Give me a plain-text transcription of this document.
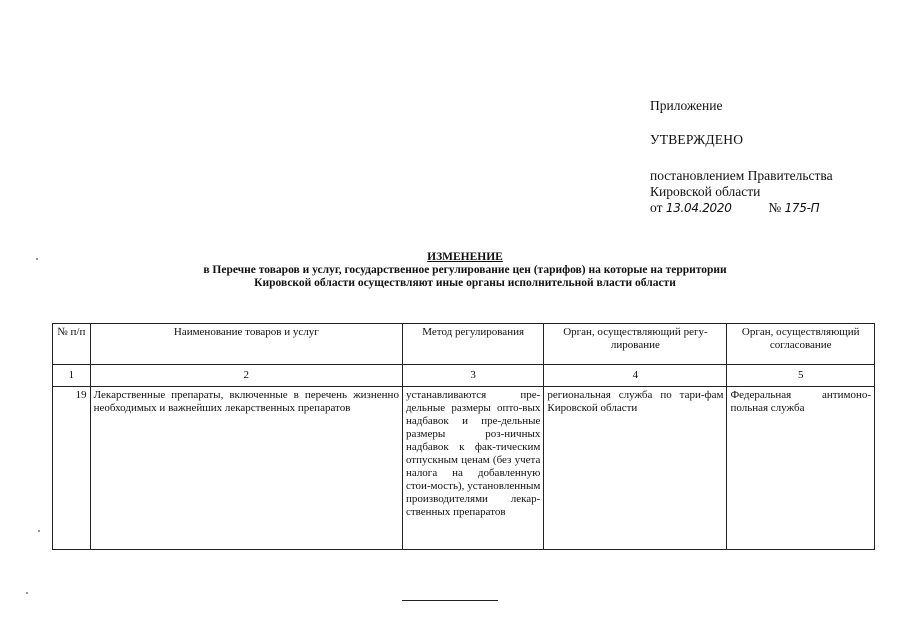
Приложение
УТВЕРЖДЕНО
постановлением Правительства
Кировской области
от 13.04.2020	№ 175-П
ИЗМЕНЕНИЕ
в Перечне товаров и услуг, государственное регулирование цен (тарифов) на которые на территории
Кировской области осуществляют иные органы исполнительной власти области
№ п/п	Наименование товаров и услуг	Метод регулирования	Орган, осуществляющий регу-лирование	Орган, осуществляющий согласование
1	2	3	4	5
19	Лекарственные препараты, включенные в перечень жизненно необходимых и важнейших лекарственных препаратов	устанавливаются пре-дельные размеры опто-вых надбавок и пре-дельные размеры роз-ничных надбавок к фак-тическим отпускным ценам (без учета налога на добавленную стои-мость), установленным производителями лекар-ственных препаратов	региональная служба по тари-фам Кировской области	Федеральная антимоно-польная служба
